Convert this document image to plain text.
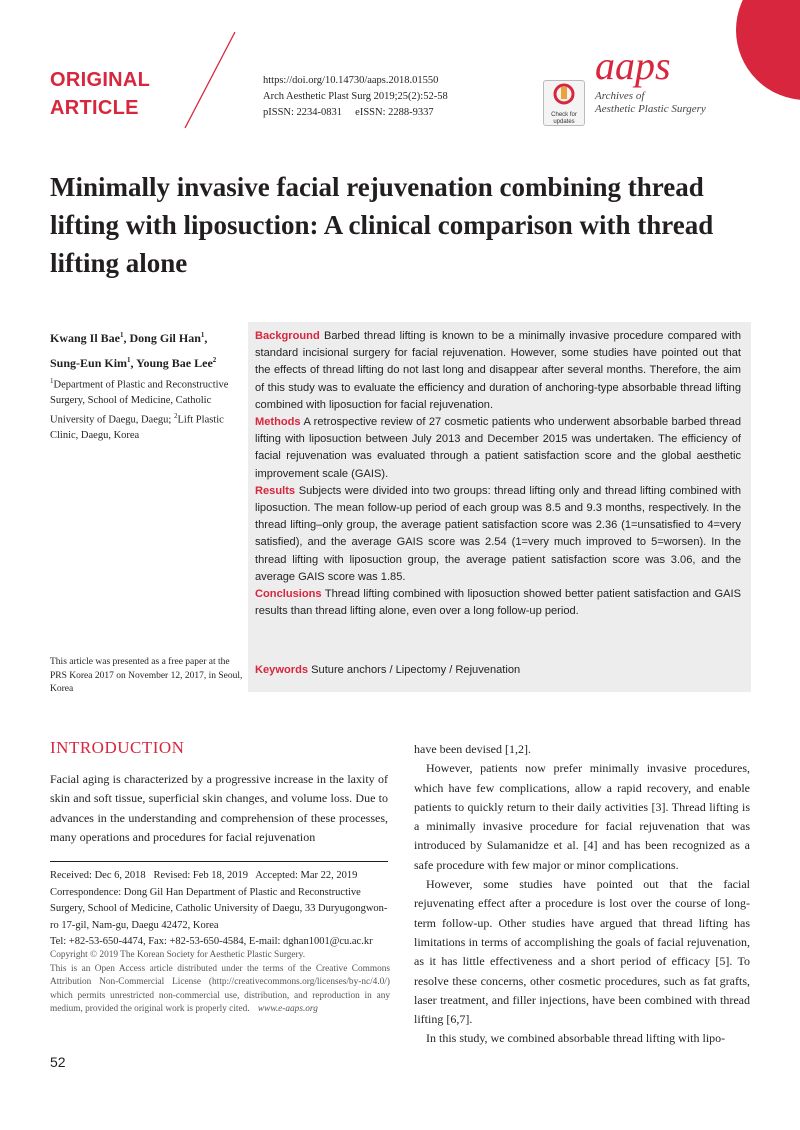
ORIGINAL
ARTICLE
https://doi.org/10.14730/aaps.2018.01550
Arch Aesthetic Plast Surg 2019;25(2):52-58
pISSN: 2234-0831     eISSN: 2288-9337	Check for
updates
aaps
Archives of
Aesthetic Plastic Surgery
Minimally invasive facial rejuvenation combining thread lifting with liposuction: A clinical comparison with thread lifting alone
Kwang Il Bae$^1$, Dong Gil Han$^1$,
Sung-Eun Kim$^1$, Young Bae Lee$^2$
$^1$Department of Plastic and Reconstructive Surgery, School of Medicine, Catholic University of Daegu, Daegu; $^2$Lift Plastic Clinic, Daegu, Korea
This article was presented as a free paper at the PRS Korea 2017 on November 12, 2017, in Seoul, Korea
Background Barbed thread lifting is known to be a minimally invasive procedure compared with standard incisional surgery for facial rejuvenation. However, some studies have pointed out that the effects of thread lifting do not last long and disappear after several months. Therefore, the aim of this study was to evaluate the efficiency and duration of anchoring-type absorbable thread lifting combined with liposuction for facial rejuvenation.
Methods A retrospective review of 27 cosmetic patients who underwent absorbable barbed thread lifting with liposuction between July 2013 and December 2015 was undertaken. The efficiency of facial rejuvenation was evaluated through a patient satisfaction score and the global aesthetic improvement scale (GAIS).
Results Subjects were divided into two groups: thread lifting only and thread lifting combined with liposuction. The mean follow-up period of each group was 8.5 and 9.3 months, respectively. In the thread lifting–only group, the average patient satisfaction score was 2.36 (1=unsatisfied to 4=very satisfied), and the average GAIS score was 2.54 (1=very much improved to 5=worsen). In the thread lifting with liposuction group, the average patient satisfaction score was 3.06, and the average GAIS score was 1.85.
Conclusions Thread lifting combined with liposuction showed better patient satisfaction and GAIS results than thread lifting alone, even over a long follow-up period.
Keywords Suture anchors / Lipectomy / Rejuvenation
INTRODUCTION
Facial aging is characterized by a progressive increase in the laxity of skin and soft tissue, superficial skin changes, and volume loss. Due to advances in the understanding and comprehension of these processes, many operations and procedures for facial rejuvenation
Received: Dec 6, 2018   Revised: Feb 18, 2019   Accepted: Mar 22, 2019
Correspondence: Dong Gil Han Department of Plastic and Reconstructive Surgery, School of Medicine, Catholic University of Daegu, 33 Duryugongwon-ro 17-gil, Nam-gu, Daegu 42472, Korea
Tel: +82-53-650-4474, Fax: +82-53-650-4584, E-mail: dghan1001@cu.ac.kr
Copyright © 2019 The Korean Society for Aesthetic Plastic Surgery.
This is an Open Access article distributed under the terms of the Creative Commons Attribution Non-Commercial License (http://creativecommons.org/licenses/by-nc/4.0/) which permits unrestricted non-commercial use, distribution, and reproduction in any medium, provided the original work is properly cited. www.e-aaps.org

have been devised [1,2].

However, patients now prefer minimally invasive procedures, which have few complications, allow a rapid recovery, and enable patients to quickly return to their daily activities [3]. Thread lifting is a minimally invasive procedure for facial rejuvenation that was introduced by Sulamanidze et al. [4] and has been recognized as a safe procedure with few major or minor complications.

However, some studies have pointed out that the facial rejuvenating effect after a procedure is lost over the course of long-term follow-up. Other studies have argued that thread lifting has limitations in terms of accomplishing the goals of facial rejuvenation, as it has little effectiveness and a short period of efficacy [5]. To resolve these concerns, other cosmetic procedures, such as fat grafts, laser treatment, and filler injections, have been combined with thread lifting [6,7].

In this study, we combined absorbable thread lifting with lipo-

52
